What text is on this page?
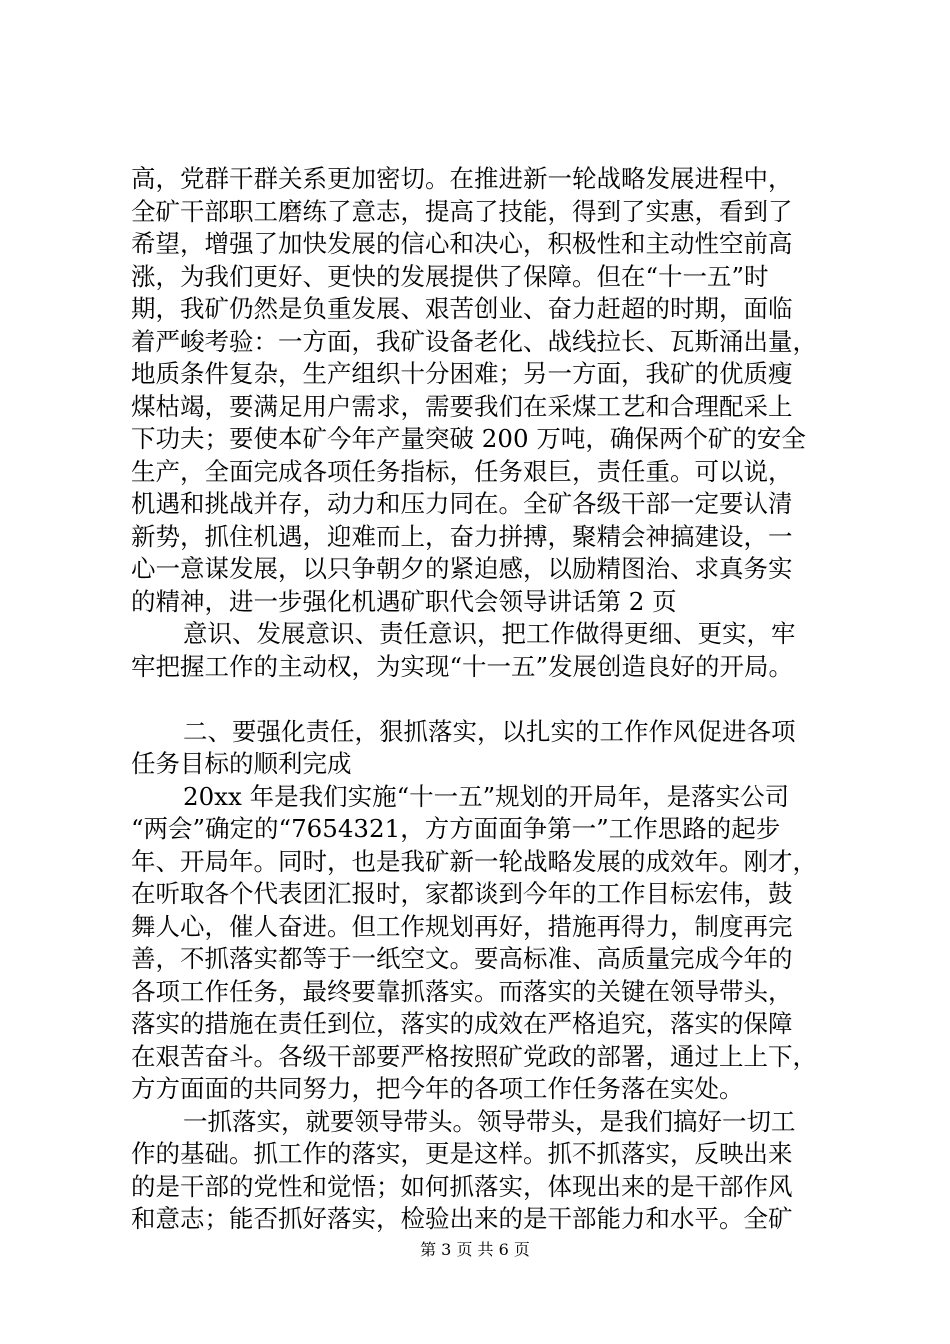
高，党群干群关系更加密切。在推进新一轮战略发展进程中，
全矿干部职工磨练了意志，提高了技能，得到了实惠，看到了
希望，增强了加快发展的信心和决心，积极性和主动性空前高
涨，为我们更好、更快的发展提供了保障。但在“十一五”时
期，我矿仍然是负重发展、艰苦创业、奋力赶超的时期，面临
着严峻考验：一方面，我矿设备老化、战线拉长、瓦斯涌出量，
地质条件复杂，生产组织十分困难；另一方面，我矿的优质瘦
煤枯竭，要满足用户需求，需要我们在采煤工艺和合理配采上
下功夫；要使本矿今年产量突破 200 万吨，确保两个矿的安全
生产，全面完成各项任务指标，任务艰巨，责任重。可以说，
机遇和挑战并存，动力和压力同在。全矿各级干部一定要认清
新势，抓住机遇，迎难而上，奋力拼搏，聚精会神搞建设，一
心一意谋发展，以只争朝夕的紧迫感，以励精图治、求真务实
的精神，进一步强化机遇矿职代会领导讲话第 2 页
意识、发展意识、责任意识，把工作做得更细、更实，牢
牢把握工作的主动权，为实现“十一五”发展创造良好的开局。
二、要强化责任，狠抓落实，以扎实的工作作风促进各项
任务目标的顺利完成
20xx 年是我们实施“十一五”规划的开局年，是落实公司
“两会”确定的“7654321，方方面面争第一”工作思路的起步
年、开局年。同时，也是我矿新一轮战略发展的成效年。刚才，
在听取各个代表团汇报时，家都谈到今年的工作目标宏伟，鼓
舞人心，催人奋进。但工作规划再好，措施再得力，制度再完
善，不抓落实都等于一纸空文。要高标准、高质量完成今年的
各项工作任务，最终要靠抓落实。而落实的关键在领导带头，
落实的措施在责任到位，落实的成效在严格追究，落实的保障
在艰苦奋斗。各级干部要严格按照矿党政的部署，通过上上下，
方方面面的共同努力，把今年的各项工作任务落在实处。
一抓落实，就要领导带头。领导带头，是我们搞好一切工
作的基础。抓工作的落实，更是这样。抓不抓落实，反映出来
的是干部的党性和觉悟；如何抓落实，体现出来的是干部作风
和意志；能否抓好落实，检验出来的是干部能力和水平。全矿
第 3 页 共 6 页
